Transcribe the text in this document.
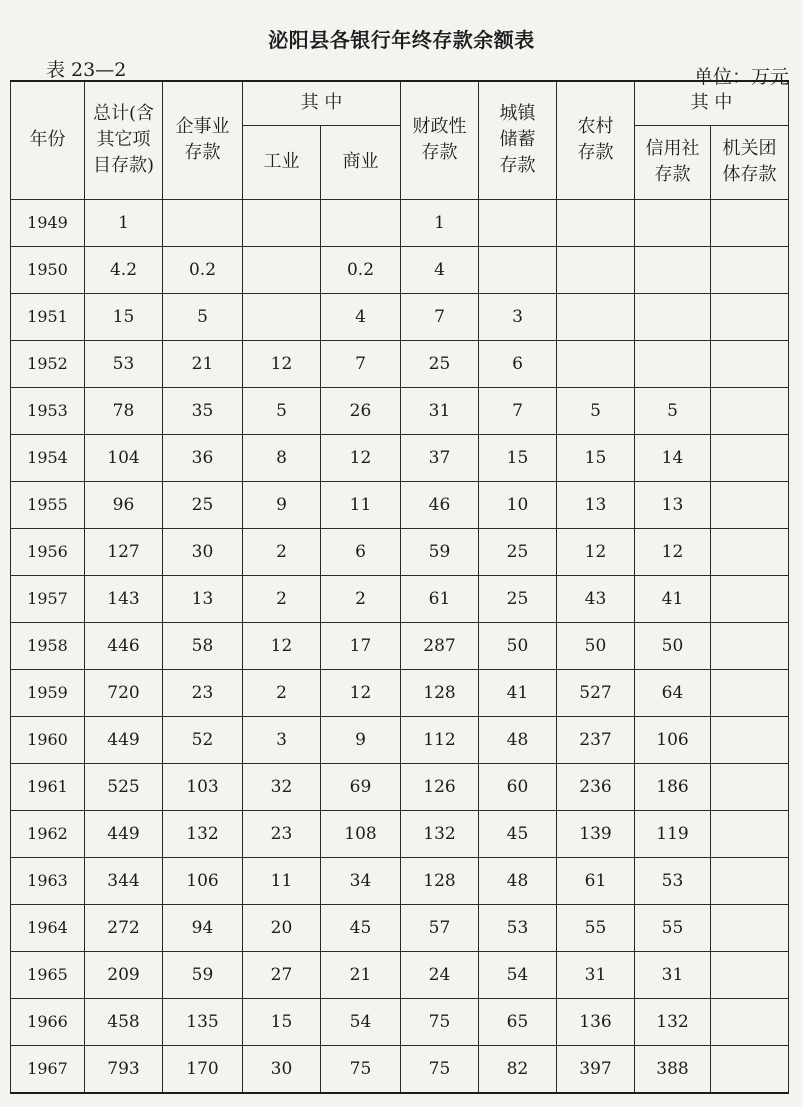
泌阳县各银行年终存款余额表
表 23—2	单位：万元
年份	总计(含其它项目存款)	企事业存款	其 中		财政性存款	城镇储蓄存款	农村存款	其 中	
			工业	商业				信用社存款	机关团体存款
1949	1				1				
1950	4.2	0.2		0.2	4				
1951	15	5		4	7	3			
1952	53	21	12	7	25	6			
1953	78	35	5	26	31	7	5	5	
1954	104	36	8	12	37	15	15	14	
1955	96	25	9	11	46	10	13	13	
1956	127	30	2	6	59	25	12	12	
1957	143	13	2	2	61	25	43	41	
1958	446	58	12	17	287	50	50	50	
1959	720	23	2	12	128	41	527	64	
1960	449	52	3	9	112	48	237	106	
1961	525	103	32	69	126	60	236	186	
1962	449	132	23	108	132	45	139	119	
1963	344	106	11	34	128	48	61	53	
1964	272	94	20	45	57	53	55	55	
1965	209	59	27	21	24	54	31	31	
1966	458	135	15	54	75	65	136	132	
1967	793	170	30	75	75	82	397	388	
